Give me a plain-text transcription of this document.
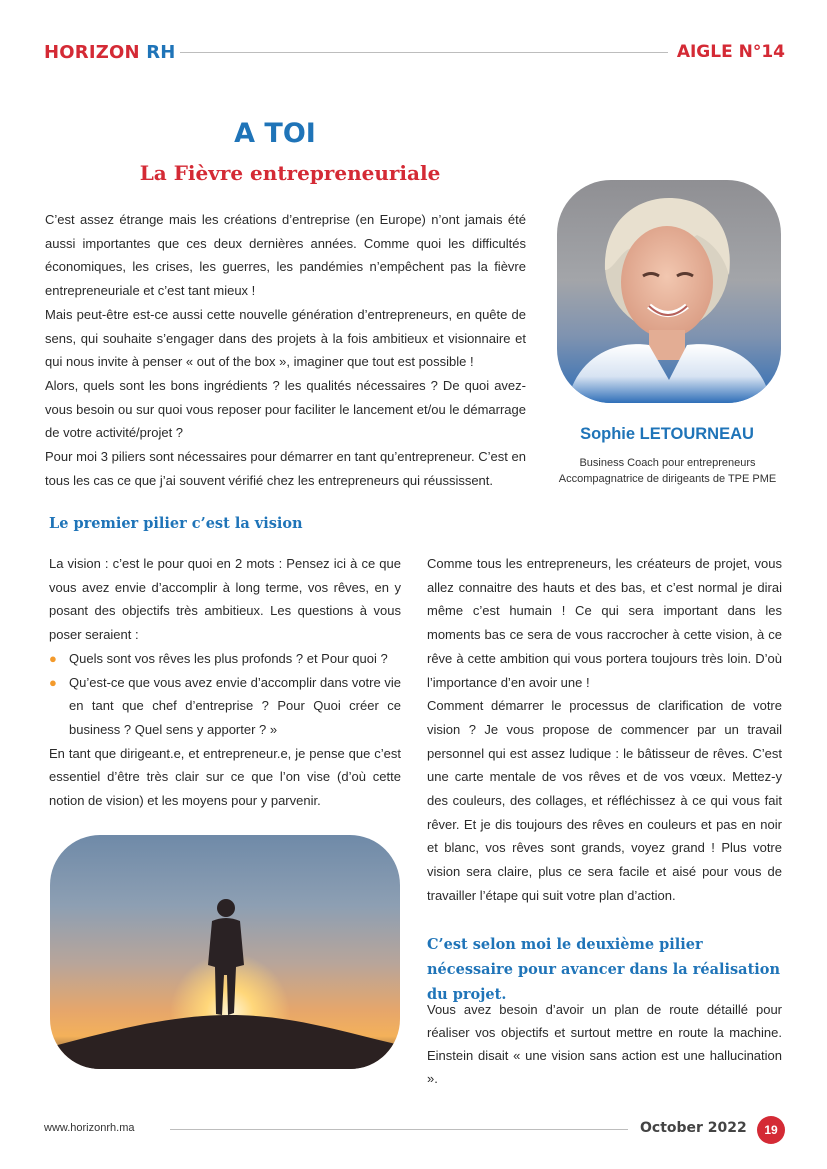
HORIZON RH	AIGLE N°14
A TOI
La Fièvre entrepreneuriale

C’est assez étrange mais les créations d’entreprise (en Europe) n’ont jamais été aussi importantes que ces deux dernières années. Comme quoi les difficultés économiques, les crises, les guerres, les pandémies n’empêchent pas la fièvre entrepreneuriale et c’est tant mieux !

Mais peut-être est-ce aussi cette nouvelle génération d’entrepreneurs, en quête de sens, qui souhaite s’engager dans des projets à la fois ambitieux et visionnaire et qui nous invite à penser « out of the box », imaginer que tout est possible !

Alors, quels sont les bons ingrédients ? les qualités nécessaires ? De quoi avez-vous besoin ou sur quoi vous reposer pour faciliter le lancement et/ou le démarrage de votre activité/projet ?

Pour moi 3 piliers sont nécessaires pour démarrer en tant qu’entrepreneur. C’est en tous les cas ce que j’ai souvent vérifié chez les entrepreneurs qui réussissent.

Sophie LETOURNEAU
Business Coach pour entrepreneurs
Accompagnatrice de dirigeants de TPE PME
Le premier pilier c’est la vision

La vision : c’est le pour quoi en 2 mots : Pensez ici à ce que vous avez envie d’accomplir à long terme, vos rêves, en y posant des objectifs très ambitieux. Les questions à vous poser seraient :

● Quels sont vos rêves les plus profonds ? et Pour quoi ?
● Qu’est-ce que vous avez envie d’accomplir dans votre vie en tant que chef d’entreprise ? Pour Quoi créer ce business ? Quel sens y apporter ? »

En tant que dirigeant.e, et entrepreneur.e, je pense que c’est essentiel d’être très clair sur ce que l’on vise (d’où cette notion de vision) et les moyens pour y parvenir.

Comme tous les entrepreneurs, les créateurs de projet, vous allez connaitre des hauts et des bas, et c’est normal je dirai même c’est humain ! Ce qui sera important dans les moments bas ce sera de vous raccrocher à cette vision, à ce rêve à cette ambition qui vous portera toujours très loin. D’où l’importance d’en avoir une !

Comment démarrer le processus de clarification de votre vision ? Je vous propose de commencer par un travail personnel qui est assez ludique : le bâtisseur de rêves. C’est une carte mentale de vos rêves et de vos vœux. Mettez-y des couleurs, des collages, et réfléchissez à ce qui vous fait rêver. Et je dis toujours des rêves en couleurs et pas en noir et blanc, vos rêves sont grands, voyez grand ! Plus votre vision sera claire, plus ce sera facile et aisé pour vous de travailler l’étape qui suit votre plan d’action.

C’est selon moi le deuxième pilier nécessaire pour avancer dans la réalisation du projet.

Vous avez besoin d’avoir un plan de route détaillé pour réaliser vos objectifs et surtout mettre en route la machine. Einstein disait « une vision sans action est une hallucination ».

www.horizonrh.ma	October 2022	19
